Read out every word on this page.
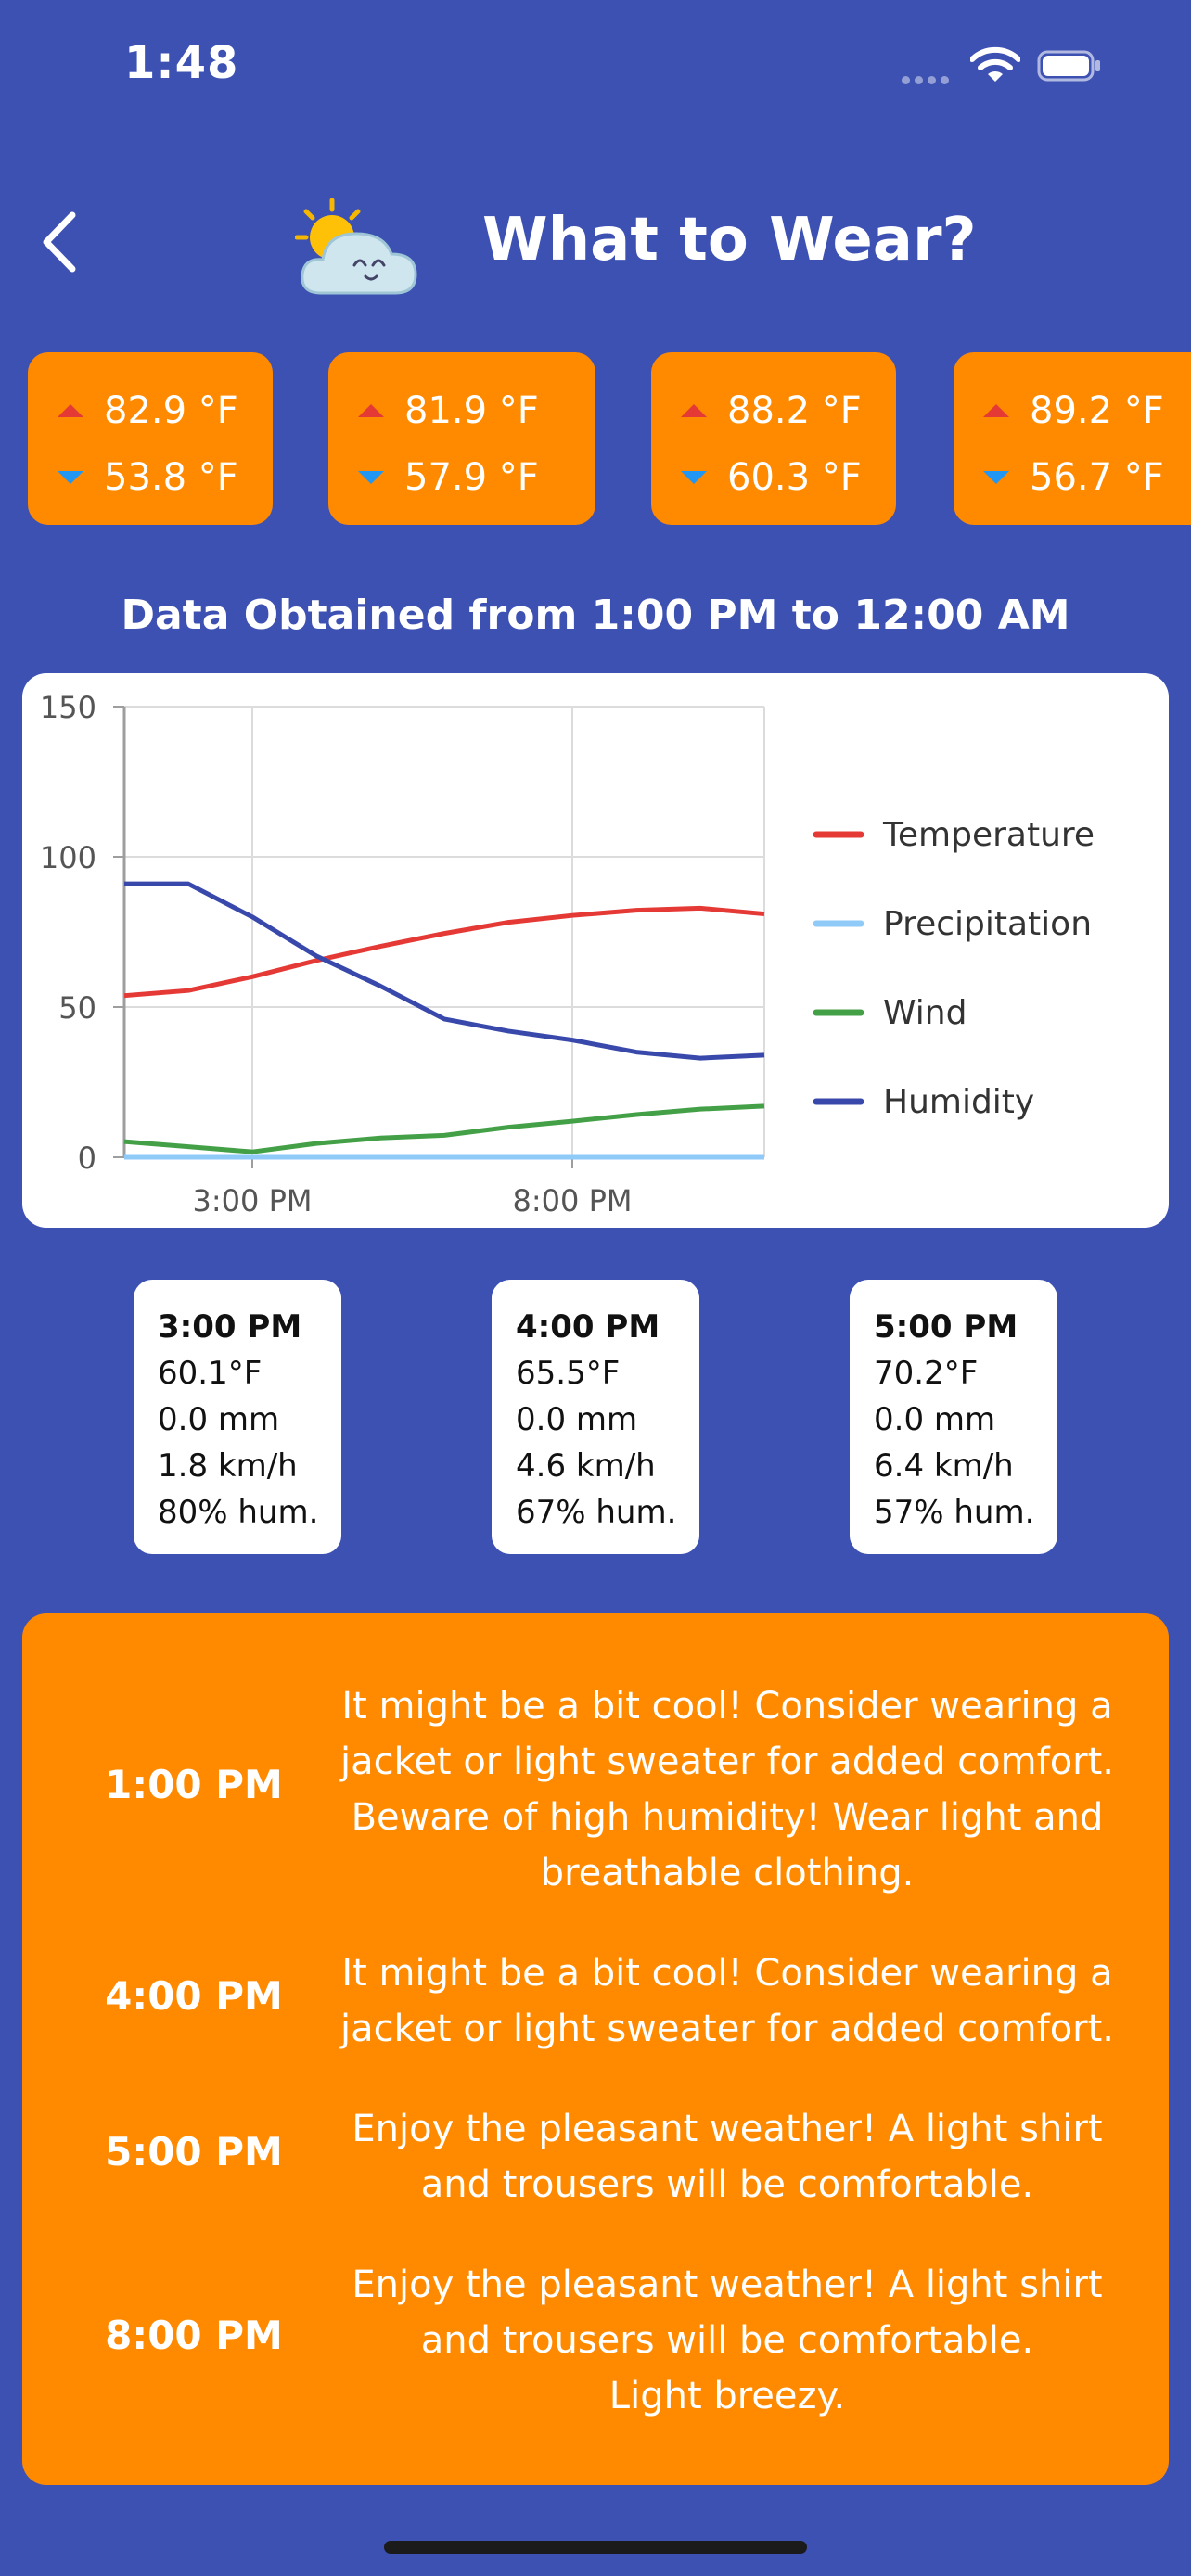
1:48
What to Wear?
82.9 °F
53.8 °F
81.9 °F
57.9 °F
88.2 °F
60.3 °F
89.2 °F
56.7 °F
Data Obtained from 1:00 PM to 12:00 AM
0
50
100
150
3:00 PM	8:00 PM
Temperature
Precipitation
Wind
Humidity
3:00 PM
60.1°F
0.0 mm
1.8 km/h
80% hum.
4:00 PM
65.5°F
0.0 mm
4.6 km/h
67% hum.
5:00 PM
70.2°F
0.0 mm
6.4 km/h
57% hum.
1:00 PM
It might be a bit cool! Consider wearing a
jacket or light sweater for added comfort.
Beware of high humidity! Wear light and
breathable clothing.
4:00 PM	It might be a bit cool! Consider wearing a
jacket or light sweater for added comfort.
5:00 PM	Enjoy the pleasant weather! A light shirt
and trousers will be comfortable.
8:00 PM
Enjoy the pleasant weather! A light shirt
and trousers will be comfortable.
Light breezy.
